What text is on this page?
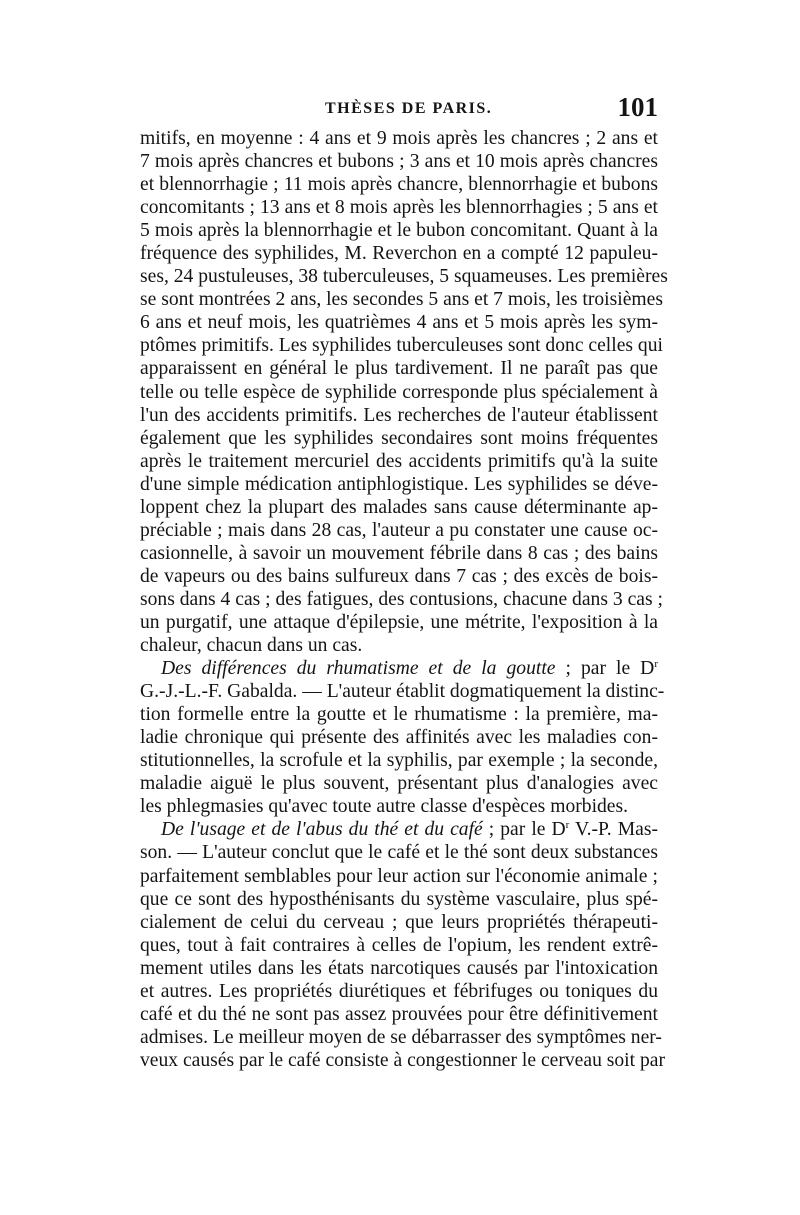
THÈSES DE PARIS.	101
mitifs, en moyenne : 4 ans et 9 mois après les chancres ; 2 ans et
7 mois après chancres et bubons ; 3 ans et 10 mois après chancres
et blennorrhagie ; 11 mois après chancre, blennorrhagie et bubons
concomitants ; 13 ans et 8 mois après les blennorrhagies ; 5 ans et
5 mois après la blennorrhagie et le bubon concomitant. Quant à la
fréquence des syphilides, M. Reverchon en a compté 12 papuleu-
ses, 24 pustuleuses, 38 tuberculeuses, 5 squameuses. Les premières
se sont montrées 2 ans, les secondes 5 ans et 7 mois, les troisièmes
6 ans et neuf mois, les quatrièmes 4 ans et 5 mois après les sym-
ptômes primitifs. Les syphilides tuberculeuses sont donc celles qui
apparaissent en général le plus tardivement. Il ne paraît pas que
telle ou telle espèce de syphilide corresponde plus spécialement à
l'un des accidents primitifs. Les recherches de l'auteur établissent
également que les syphilides secondaires sont moins fréquentes
après le traitement mercuriel des accidents primitifs qu'à la suite
d'une simple médication antiphlogistique. Les syphilides se déve-
loppent chez la plupart des malades sans cause déterminante ap-
préciable ; mais dans 28 cas, l'auteur a pu constater une cause oc-
casionnelle, à savoir un mouvement fébrile dans 8 cas ; des bains
de vapeurs ou des bains sulfureux dans 7 cas ; des excès de bois-
sons dans 4 cas ; des fatigues, des contusions, chacune dans 3 cas ;
un purgatif, une attaque d'épilepsie, une métrite, l'exposition à la
chaleur, chacun dans un cas.
Des différences du rhumatisme et de la goutte ; par le $D^r$
G.-J.-L.-F. Gabalda. — L'auteur établit dogmatiquement la distinc-
tion formelle entre la goutte et le rhumatisme : la première, ma-
ladie chronique qui présente des affinités avec les maladies con-
stitutionnelles, la scrofule et la syphilis, par exemple ; la seconde,
maladie aiguë le plus souvent, présentant plus d'analogies avec
les phlegmasies qu'avec toute autre classe d'espèces morbides.
De l'usage et de l'abus du thé et du café ; par le $D^r$ V.-P. Mas-
son. — L'auteur conclut que le café et le thé sont deux substances
parfaitement semblables pour leur action sur l'économie animale ;
que ce sont des hyposthénisants du système vasculaire, plus spé-
cialement de celui du cerveau ; que leurs propriétés thérapeuti-
ques, tout à fait contraires à celles de l'opium, les rendent extrê-
mement utiles dans les états narcotiques causés par l'intoxication
et autres. Les propriétés diurétiques et fébrifuges ou toniques du
café et du thé ne sont pas assez prouvées pour être définitivement
admises. Le meilleur moyen de se débarrasser des symptômes ner-
veux causés par le café consiste à congestionner le cerveau soit par
